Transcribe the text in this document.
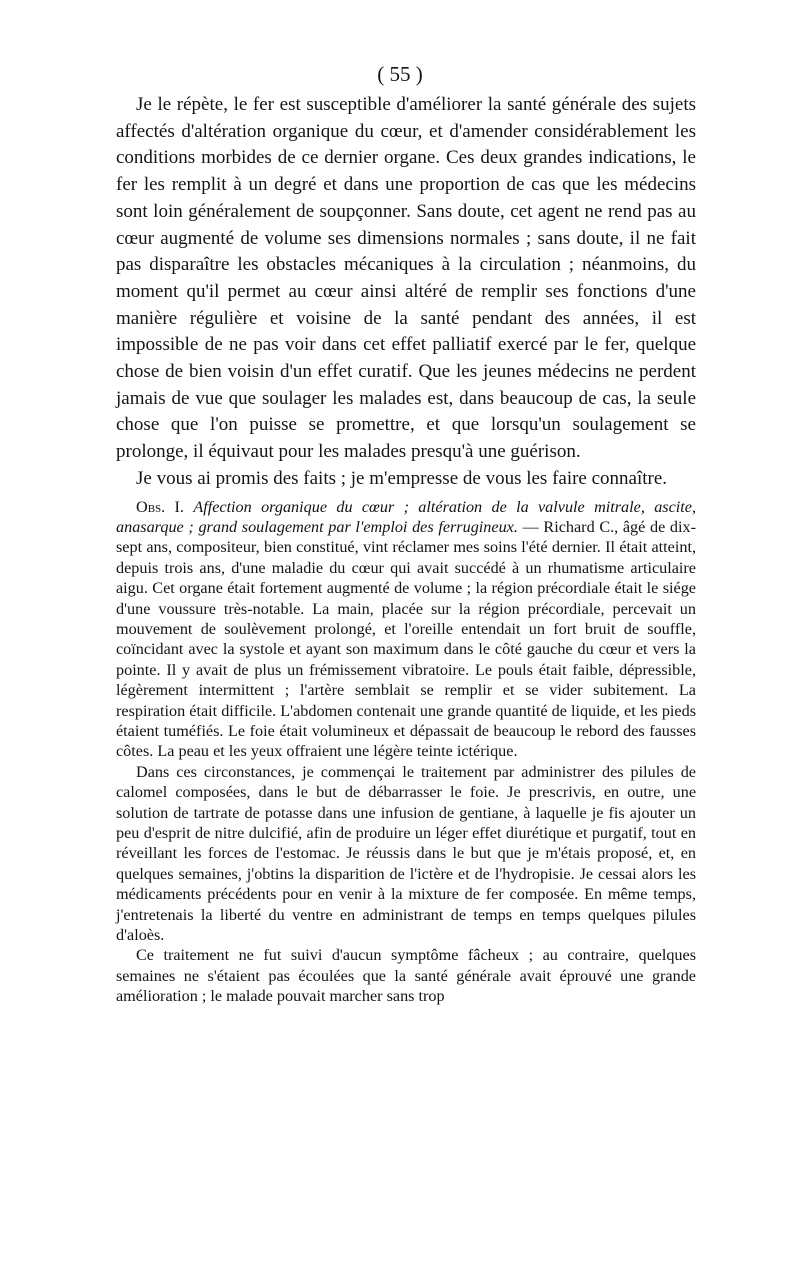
( 55 )

Je le répète, le fer est susceptible d'améliorer la santé générale des sujets affectés d'altération organique du cœur, et d'amender considérablement les conditions morbides de ce dernier organe. Ces deux grandes indications, le fer les remplit à un degré et dans une proportion de cas que les médecins sont loin généralement de soupçonner. Sans doute, cet agent ne rend pas au cœur augmenté de volume ses dimensions normales ; sans doute, il ne fait pas disparaître les obstacles mécaniques à la circulation ; néanmoins, du moment qu'il permet au cœur ainsi altéré de remplir ses fonctions d'une manière régulière et voisine de la santé pendant des années, il est impossible de ne pas voir dans cet effet palliatif exercé par le fer, quelque chose de bien voisin d'un effet curatif. Que les jeunes médecins ne perdent jamais de vue que soulager les malades est, dans beaucoup de cas, la seule chose que l'on puisse se promettre, et que lorsqu'un soulagement se prolonge, il équivaut pour les malades presqu'à une guérison.

Je vous ai promis des faits ; je m'empresse de vous les faire connaître.

Obs. I. Affection organique du cœur ; altération de la valvule mitrale, ascite, anasarque ; grand soulagement par l'emploi des ferrugineux. — Richard C., âgé de dix-sept ans, compositeur, bien constitué, vint réclamer mes soins l'été dernier. Il était atteint, depuis trois ans, d'une maladie du cœur qui avait succédé à un rhumatisme articulaire aigu. Cet organe était fortement augmenté de volume ; la région précordiale était le siége d'une voussure très-notable. La main, placée sur la région précordiale, percevait un mouvement de soulèvement prolongé, et l'oreille entendait un fort bruit de souffle, coïncidant avec la systole et ayant son maximum dans le côté gauche du cœur et vers la pointe. Il y avait de plus un frémissement vibratoire. Le pouls était faible, dépressible, légèrement intermittent ; l'artère semblait se remplir et se vider subitement. La respiration était difficile. L'abdomen contenait une grande quantité de liquide, et les pieds étaient tuméfiés. Le foie était volumineux et dépassait de beaucoup le rebord des fausses côtes. La peau et les yeux offraient une légère teinte ictérique.

Dans ces circonstances, je commençai le traitement par administrer des pilules de calomel composées, dans le but de débarrasser le foie. Je prescrivis, en outre, une solution de tartrate de potasse dans une infusion de gentiane, à laquelle je fis ajouter un peu d'esprit de nitre dulcifié, afin de produire un léger effet diurétique et purgatif, tout en réveillant les forces de l'estomac. Je réussis dans le but que je m'étais proposé, et, en quelques semaines, j'obtins la disparition de l'ictère et de l'hydropisie. Je cessai alors les médicaments précédents pour en venir à la mixture de fer composée. En même temps, j'entretenais la liberté du ventre en administrant de temps en temps quelques pilules d'aloès.

Ce traitement ne fut suivi d'aucun symptôme fâcheux ; au contraire, quelques semaines ne s'étaient pas écoulées que la santé générale avait éprouvé une grande amélioration ; le malade pouvait marcher sans trop
